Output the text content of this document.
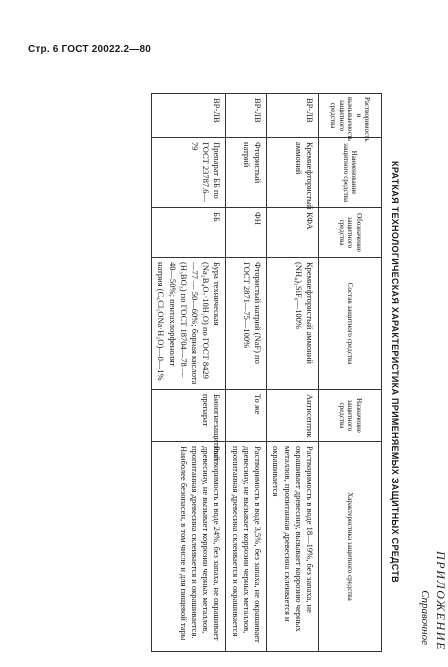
Стр. 6 ГОСТ 20022.2—80
ПРИЛОЖЕНИЕ
Справочное
КРАТКАЯ ТЕХНОЛОГИЧЕСКАЯ ХАРАКТЕРИСТИКА ПРИМЕНЯЕМЫХ ЗАЩИТНЫХ СРЕДСТВ
Растворимость и вымываемость защитного средства	Наименование защитного средства	Обозначение защитного средства	Состав защитного средства	Назначение защитного средства	Характеристика защитного средства
ВР-ЛВ	Кремнефтористый аммоний	КФА	Кремнефтористый аммоний (NH₄)₂SiF₆—100%	Антисептик	Растворимость в воде 18—19%, без запаха, не окрашивает древесину, вызывает коррозию черных металлов, пропитанная древесина склеивается и окрашивается
ВР-ЛВ	Фтористый натрий	ФН	Фтористый натрий (NaF) по ГОСТ 2871—75—100%	То же	Растворимость в воде 3,5%, без запаха, не окрашивает древесину, не вызывает коррозии черных металлов, пропитанная древесина склеивается и окрашивается
ВР-ЛВ	Препарат ББ по ГОСТ 23787.6—79	ББ	Бура техническая (Na₂B₄O₇·10H₂O) по ГОСТ 8429—77 — 50—60%; борная кислота (H₃BO₃) по ГОСТ 18704—78 — 40—50%; пентахлорфенолят натрия (C₆Cl₅ONa·H₂O)—0—1%	Биоогнезащитный препарат	Растворимость в воде 24%, без запаха, не окрашивает древесину, не вызывает коррозии черных металлов, пропитанная древесина склеивается и окрашивается. Наиболее безопасен, в том числе и для пищевой тары
